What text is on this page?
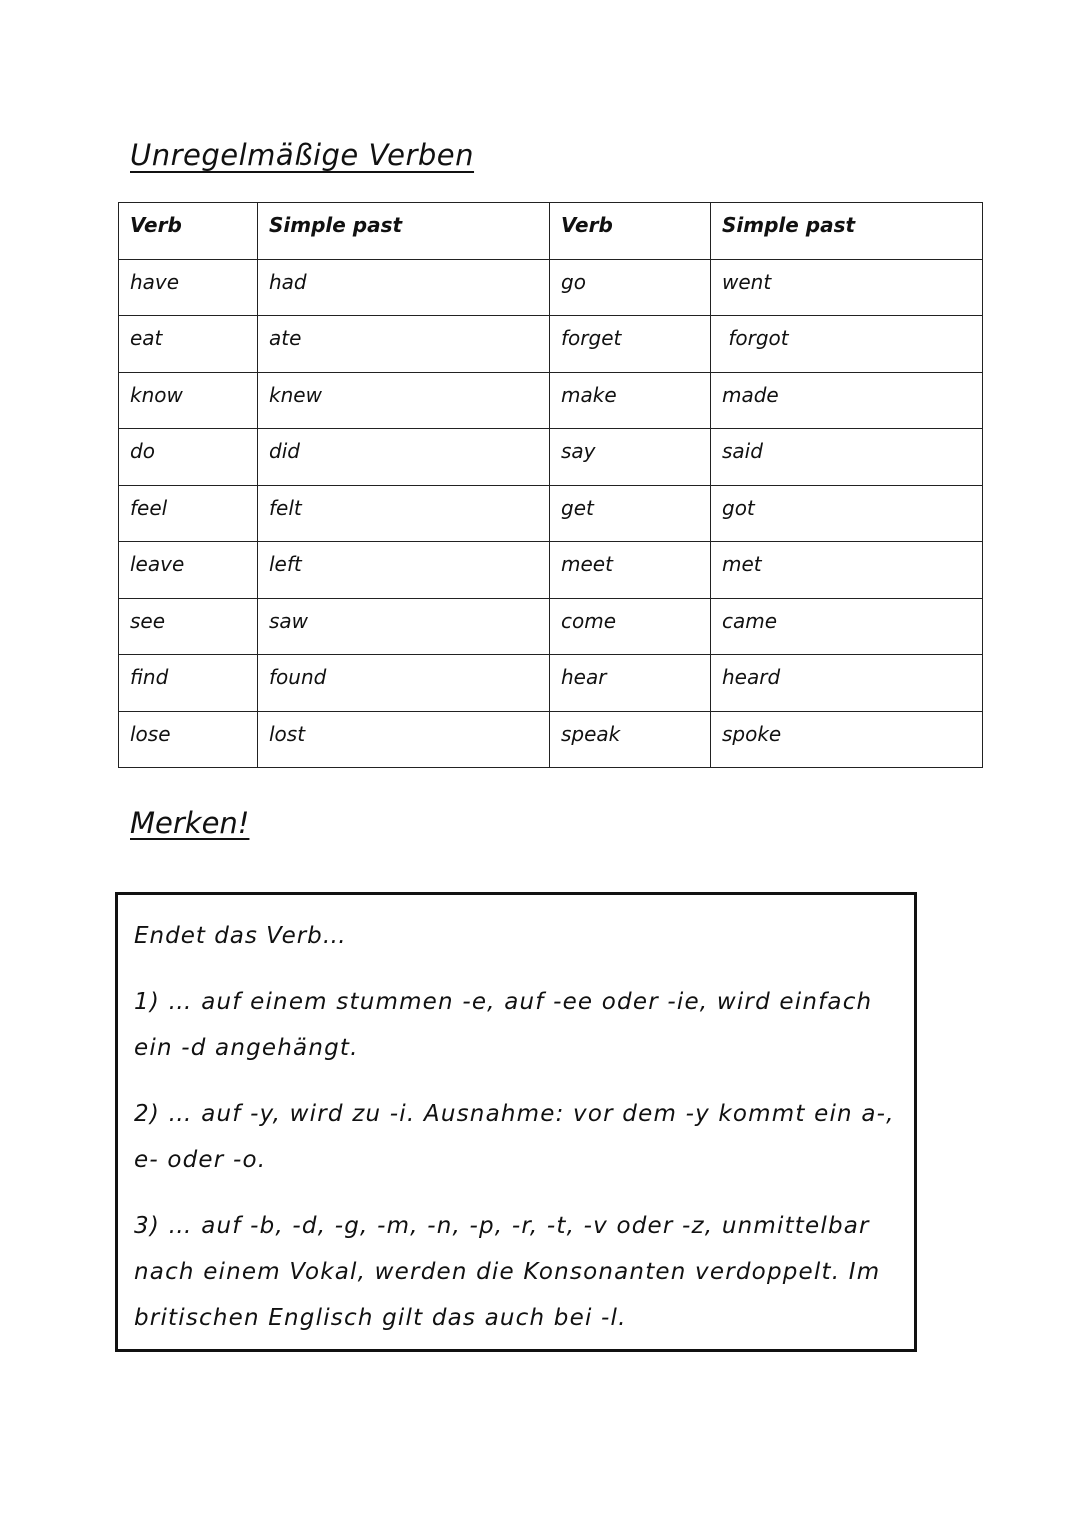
Unregelmäßige Verben
Verb	Simple past	Verb	Simple past
have	had	go	went
eat	ate	forget	forgot
know	knew	make	made
do	did	say	said
feel	felt	get	got
leave	left	meet	met
see	saw	come	came
find	found	hear	heard
lose	lost	speak	spoke
Merken!

Endet das Verb…

1) … auf einem stummen -e, auf -ee oder -ie, wird einfach ein -d angehängt.

2) … auf -y, wird zu -i. Ausnahme: vor dem -y kommt ein a-, e- oder -o.

3) … auf -b, -d, -g, -m, -n, -p, -r, -t, -v oder -z, unmittelbar nach einem Vokal, werden die Konsonanten verdoppelt. Im britischen Englisch gilt das auch bei -l.
